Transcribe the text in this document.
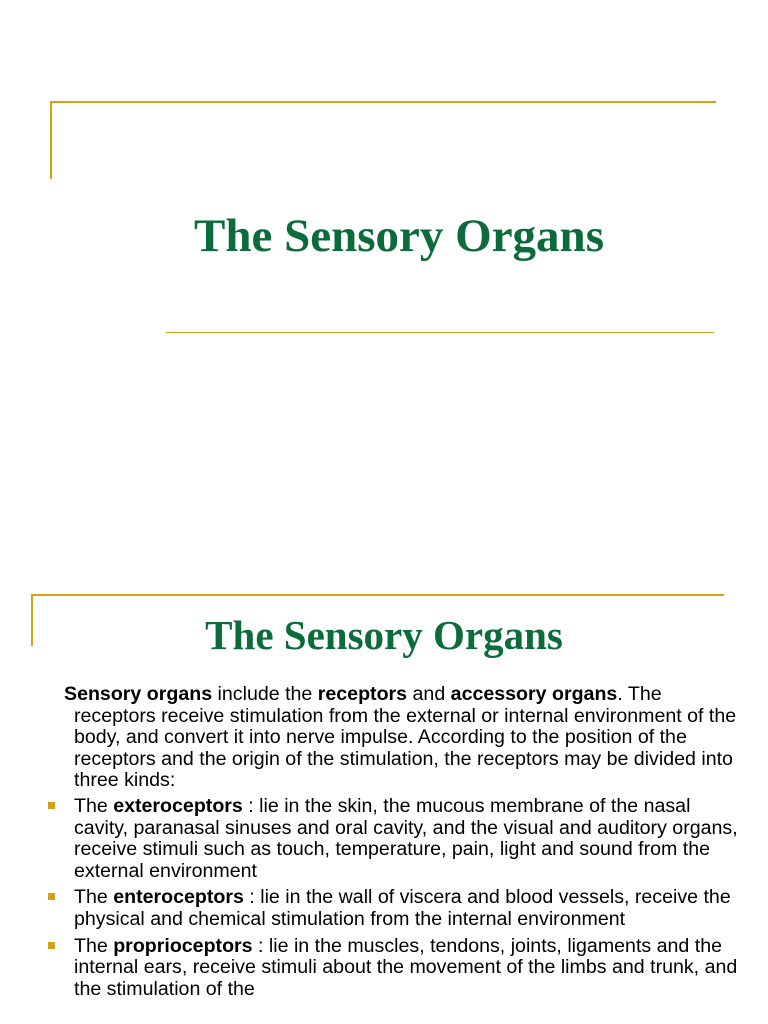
The Sensory Organs
The Sensory Organs

Sensory organs include the receptors and accessory organs. The receptors receive stimulation from the external or internal environment of the body, and convert it into nerve impulse. According to the position of the receptors and the origin of the stimulation, the receptors may be divided into three kinds:

The exteroceptors : lie in the skin, the mucous membrane of the nasal cavity, paranasal sinuses and oral cavity, and the visual and auditory organs, receive stimuli such as touch, temperature, pain, light and sound from the external environment
The enteroceptors : lie in the wall of viscera and blood vessels, receive the physical and chemical stimulation from the internal environment
The proprioceptors : lie in the muscles, tendons, joints, ligaments and the internal ears, receive stimuli about the movement of the limbs and trunk, and the stimulation of the
